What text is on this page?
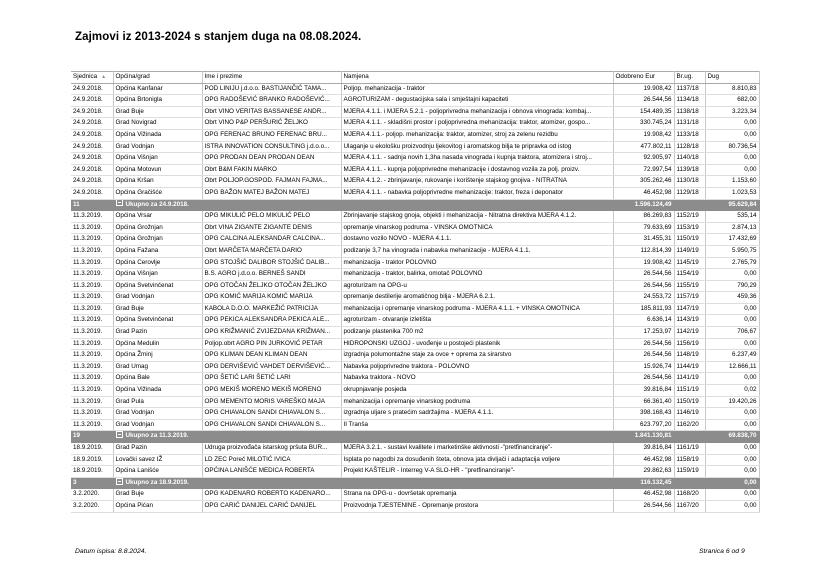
Zajmovi iz 2013-2024 s stanjem duga na 08.08.2024.
Sjednica ▲	Općina/grad	Ime i prezime	Namjena	Odobreno Eur	Br.ug.	Dug
24.9.2018.	Općina Kanfanar	POD LINIJU j.d.o.o. BASTIJANČIĆ TAMA...	Poljop. mehanizacija - traktor	19.908,42	1137/18	8.810,83
24.9.2018.	Općina Brtonigla	OPG RADOŠEVIĆ BRANKO RADOŠEVIĆ...	AGROTURIZAM - degustacijska sala i smještajni kapaciteti	26.544,56	1134/18	682,00
24.9.2018.	Grad Buje	Obrt VINO VERITAS BASSANESE ANDR...	MJERA 4.1.1. i MJERA 5.2.1 - poljoprivredna mehanizacija i obnova vinograda: kombaj...	154.489,35	1138/18	3.223,34
24.9.2018.	Grad Novigrad	Obrt VINO P&P PERŠURIĆ ŽELJKO	MJERA 4.1.1. - skladišni prostor i poljoprivredna mehanizacija: traktor, atomizer, gospo...	330.745,24	1131/18	0,00
24.9.2018.	Općina Vižinada	OPG FERENAC BRUNO FERENAC BRU...	MJERA 4.1.1.- poljop. mehanizacija: traktor, atomizer, stroj za zelenu rezidbu	19.908,42	1133/18	0,00
24.9.2018.	Grad Vodnjan	ISTRA INNOVATION CONSULTING j.d.o.o...	Ulaganje u ekološku proizvodnju ljekovitog i aromatskog bilja te pripravka od istog	477.802,11	1128/18	80.736,54
24.9.2018.	Općina Višnjan	OPG PRODAN DEAN PRODAN DEAN	MJERA 4.1.1. - sadnja novih 1,3ha nasada vinograda i kupnja traktora, atomizera i stroj...	92.905,97	1140/18	0,00
24.9.2018.	Općina Motovun	Obrt B&M FAKIN MARKO	MJERA 4.1.1. - kupnja poljoprivredne mehanizacije i dostavnog vozila za polj. proizv.	72.997,54	1139/18	0,00
24.9.2018.	Općina Kršan	Obrt POLJOP.GOSPOD. FAJMAN FAJMA...	MJERA 4.1.2. - zbrinjavanje, rukovanje i korištenje stajskog gnojiva - NITRATNA	305.262,46	1130/18	1.153,60
24.9.2018.	Općina Gračišće	OPG BAŽON MATEJ BAŽON MATEJ	MJERA 4.1.1. - nabavka poljoprivredne mehanizacije: traktor, freza i deponator	46.452,98	1129/18	1.023,53
11	Ukupno za 24.9.2018.			1.596.124,49		95.629,84
11.3.2019.	Općina Vrsar	OPG MIKULIĆ PELO MIKULIĆ PELO	Zbrinjavanje stajskog gnoja, objekti i mehanizacija - Nitratna direktiva MJERA 4.1.2.	86.269,83	1152/19	535,14
11.3.2019.	Općina Grožnjan	Obrt VINA ZIGANTE ZIGANTE DENIS	opremanje vinarskog podruma - VINSKA OMOTNICA	79.633,69	1153/19	2.874,13
11.3.2019.	Općina Grožnjan	OPG CALCINA ALEKSANDAR CALCINA...	dostavno vozilo NOVO - MJERA 4.1.1.	31.455,31	1150/19	17.432,69
11.3.2019.	Općina Fažana	Obrt MARČETA MARČETA DARIO	podizanje 3,7 ha vinograda i nabavka mehanizacije - MJERA 4.1.1.	112.814,39	1149/19	5.950,75
11.3.2019.	Općina Cerovlje	OPG STOJŠIĆ DALIBOR STOJŠIĆ DALIB...	mehanizacija - traktor POLOVNO	19.908,42	1145/19	2.765,79
11.3.2019.	Općina Višnjan	B.S. AGRO j.d.o.o. BERNEŠ SANDI	mehanizacija - traktor, balirka, omotač POLOVNO	26.544,56	1154/19	0,00
11.3.2019.	Općina Svetvinčenat	OPG OTOČAN ŽELJKO OTOČAN ŽELJKO	agroturizam na OPG-u	26.544,56	1155/19	790,29
11.3.2019.	Grad Vodnjan	OPG KOMIĆ MARIJA KOMIĆ MARIJA	opremanje destilerije aromatičnog bilja - MJERA 6.2.1.	24.553,72	1157/19	459,36
11.3.2019.	Grad Buje	KABOLA D.O.O. MARKEŽIĆ PATRICIJA	mehanizacija i opremanje vinarskog podruma - MJERA 4.1.1. + VINSKA OMOTNICA	185.811,93	1147/19	0,00
11.3.2019.	Općina Svetvinčenat	OPG PEKICA ALEKSANDRA PEKICA ALE...	agroturizam - otvaranje izletišta	6.636,14	1143/19	0,00
11.3.2019.	Grad Pazin	OPG KRIŽMANIĆ ZVIJEZDANA KRIŽMAN...	podizanje plastenika 700 m2	17.253,97	1142/19	706,67
11.3.2019.	Općina Medulin	Poljop.obrt AGRO PIN JURKOVIĆ PETAR	HIDROPONSKI UZGOJ - uvođenje u postojeći plastenik	26.544,56	1156/19	0,00
11.3.2019.	Općina Žminj	OPG KLIMAN DEAN KLIMAN DEAN	izgradnja polumontažne staje za ovce + oprema za sirarstvo	26.544,56	1148/19	6.237,49
11.3.2019.	Grad Umag	OPG DERVIŠEVIĆ VAHDET DERVIŠEVIĆ...	Nabavka poljoprivredne traktora - POLOVNO	15.926,74	1144/19	12.666,11
11.3.2019.	Općina Bale	OPG ŠETIĆ LARI ŠETIĆ LARI	Nabavka traktora - NOVO	26.544,56	1141/19	0,00
11.3.2019.	Općina Vižinada	OPG MEKIŠ MORENO MEKIŠ MORENO	okrupnjavanje posjeda	39.816,84	1151/19	0,02
11.3.2019.	Grad Pula	OPG MEMENTO MORIS VAREŠKO MAJA	mehanizacija i opremanje vinarskog podruma	66.361,40	1150/19	19.420,26
11.3.2019.	Grad Vodnjan	OPG CHIAVALON SANDI CHIAVALON S...	izgradnja uljare s pratećim sadržajima - MJERA 4.1.1.	398.168,43	1146/19	0,00
11.3.2019.	Grad Vodnjan	OPG CHIAVALON SANDI CHIAVALON S...	II Tranša	623.797,20	1162/20	0,00
19	Ukupno za 11.3.2019.			1.841.130,81		69.838,70
18.9.2019.	Grad Pazin	Udruga proizvođača istarskog pršuta BUR...	MJERA 3.2.1. - sustavi kvalitete i marketinške aktivnosti -"pretfinanciranje"-	39.816,84	1161/19	0,00
18.9.2019.	Lovački savez IŽ	LD ZEC Poreč MILOTIĆ IVICA	Isplata po nagodbi za dosuđenih šteta, obnova jata divljači i adaptacija voljere	46.452,98	1158/19	0,00
18.9.2019.	Općina Lanišće	OPĆINA LANIŠĆE MEDICA ROBERTA	Projekt KAŠTELIR - Interreg V-A SLO-HR - "pretfinanciranje"-	29.862,63	1159/19	0,00
3	Ukupno za 18.9.2019.			116.132,45		0,00
3.2.2020.	Grad Buje	OPG KADENARO ROBERTO KADENARO...	Strana na OPG-u - dovršetak opremanja	46.452,98	1168/20	0,00
3.2.2020.	Općina Pićan	OPG CARIĆ DANIJEL CARIĆ DANIJEL	Proizvodnja TJESTENINE - Opremanje prostora	26.544,56	1167/20	0,00
Datum ispisa: 8.8.2024.	Stranica 6 od 9
